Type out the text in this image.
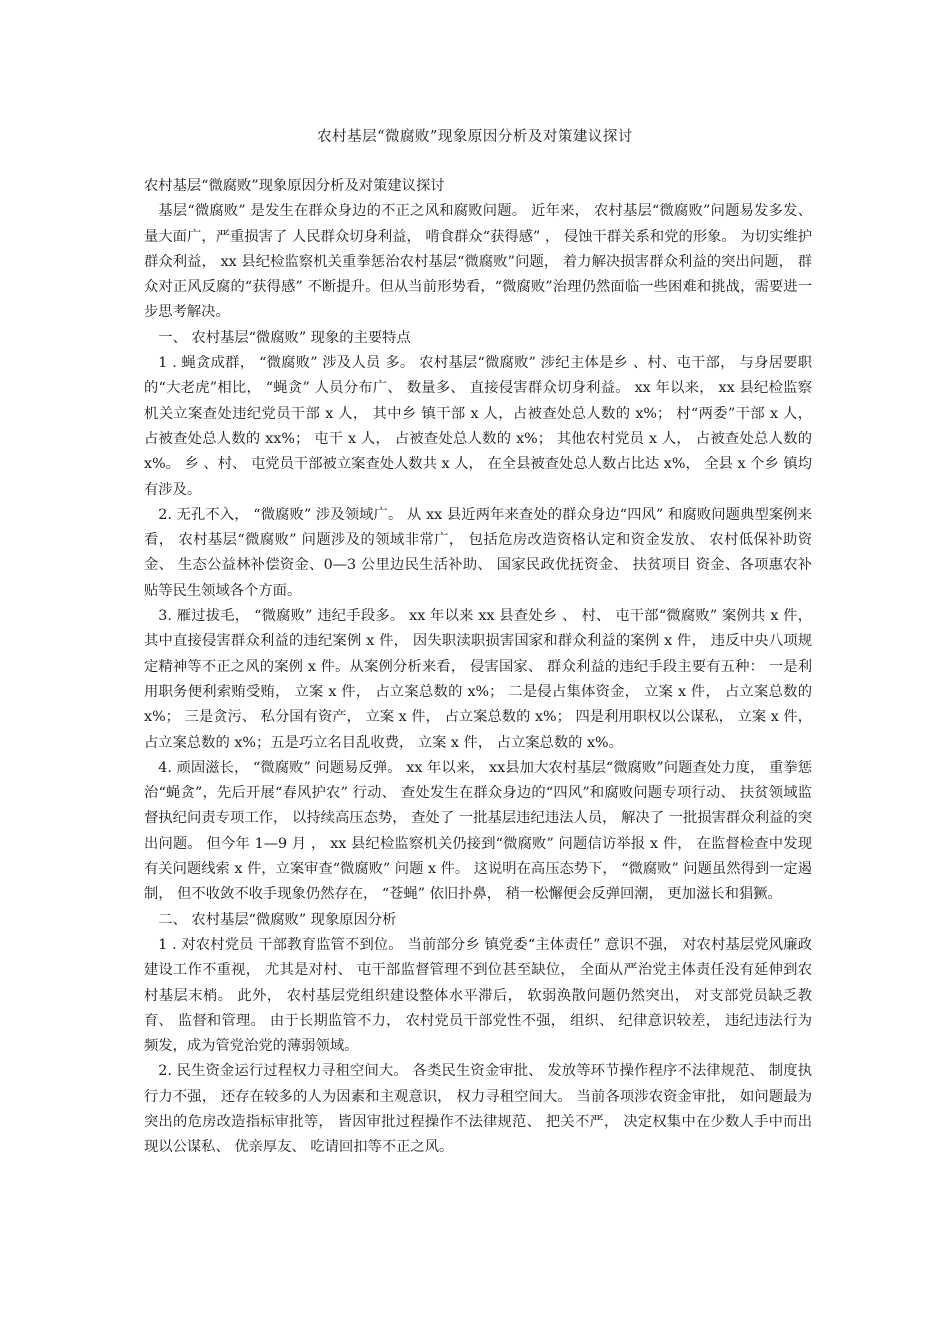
农村基层“微腐败”现象原因分析及对策建议探讨

农村基层“微腐败”现象原因分析及对策建议探讨

基层“微腐败” 是发生在群众身边的不正之风和腐败问题。 近年来， 农村基层“微腐败”问题易发多发、 量大面广，严重损害了 人民群众切身利益， 啃食群众“获得感” ， 侵蚀干群关系和党的形象。 为切实维护群众利益， xx 县纪检监察机关重拳惩治农村基层“微腐败”问题， 着力解决损害群众利益的突出问题， 群众对正风反腐的“获得感” 不断提升。但从当前形势看，“微腐败”治理仍然面临一些困难和挑战，需要进一步思考解决。

一、 农村基层“微腐败” 现象的主要特点

1 . 蝇贪成群， “微腐败” 涉及人员 多。 农村基层“微腐败” 涉纪主体是乡 、村、屯干部， 与身居要职的“大老虎”相比， “蝇贪” 人员分布广、 数量多、 直接侵害群众切身利益。 xx 年以来， xx 县纪检监察机关立案查处违纪党员干部 x 人， 其中乡 镇干部 x 人，占被查处总人数的 x%； 村“两委”干部 x 人， 占被查处总人数的 xx%； 屯干 x 人， 占被查处总人数的 x%； 其他农村党员 x 人， 占被查处总人数的 x%。 乡 、村、 屯党员干部被立案查处人数共 x 人， 在全县被查处总人数占比达 x%， 全县 x 个乡 镇均有涉及。

2. 无孔不入， “微腐败” 涉及领域广。 从 xx 县近两年来查处的群众身边“四风” 和腐败问题典型案例来看， 农村基层“微腐败” 问题涉及的领域非常广， 包括危房改造资格认定和资金发放、 农村低保补助资金、 生态公益林补偿资金、0—3 公里边民生活补助、 国家民政优抚资金、 扶贫项目 资金、各项惠农补贴等民生领域各个方面。

3. 雁过拔毛， “微腐败” 违纪手段多。 xx 年以来 xx 县查处乡 、 村、 屯干部“微腐败” 案例共 x 件， 其中直接侵害群众利益的违纪案例 x 件， 因失职渎职损害国家和群众利益的案例 x 件， 违反中央八项规定精神等不正之风的案例 x 件。从案例分析来看， 侵害国家、 群众利益的违纪手段主要有五种： 一是利用职务便利索贿受贿， 立案 x 件， 占立案总数的 x%； 二是侵占集体资金， 立案 x 件， 占立案总数的 x%； 三是贪污、 私分国有资产， 立案 x 件， 占立案总数的 x%； 四是利用职权以公谋私， 立案 x 件， 占立案总数的 x%；五是巧立名目乱收费， 立案 x 件， 占立案总数的 x%。

4. 顽固滋长， “微腐败” 问题易反弹。 xx 年以来， xx县加大农村基层“微腐败”问题查处力度， 重拳惩治“蝇贪”，先后开展“春风护农” 行动、 查处发生在群众身边的“四风”和腐败问题专项行动、 扶贫领域监督执纪问责专项工作， 以持续高压态势， 查处了 一批基层违纪违法人员， 解决了 一批损害群众利益的突出问题。 但今年 1—9 月 ， xx 县纪检监察机关仍接到“微腐败” 问题信访举报 x 件， 在监督检查中发现有关问题线索 x 件，立案审查“微腐败” 问题 x 件。 这说明在高压态势下， “微腐败” 问题虽然得到一定遏制， 但不收敛不收手现象仍然存在， “苍蝇” 依旧扑鼻， 稍一松懈便会反弹回潮， 更加滋长和猖獗。

二、 农村基层“微腐败” 现象原因分析

1 . 对农村党员 干部教育监管不到位。 当前部分乡 镇党委“主体责任” 意识不强， 对农村基层党风廉政建设工作不重视， 尤其是对村、 屯干部监督管理不到位甚至缺位， 全面从严治党主体责任没有延伸到农村基层末梢。 此外， 农村基层党组织建设整体水平滞后， 软弱涣散问题仍然突出， 对支部党员缺乏教育、 监督和管理。 由于长期监管不力， 农村党员干部党性不强， 组织、 纪律意识较差， 违纪违法行为频发，成为管党治党的薄弱领域。

2. 民生资金运行过程权力寻租空间大。 各类民生资金审批、 发放等环节操作程序不法律规范、 制度执行力不强， 还存在较多的人为因素和主观意识， 权力寻租空间大。 当前各项涉农资金审批， 如问题最为突出的危房改造指标审批等， 皆因审批过程操作不法律规范、 把关不严， 决定权集中在少数人手中而出现以公谋私、 优亲厚友、 吃请回扣等不正之风。
